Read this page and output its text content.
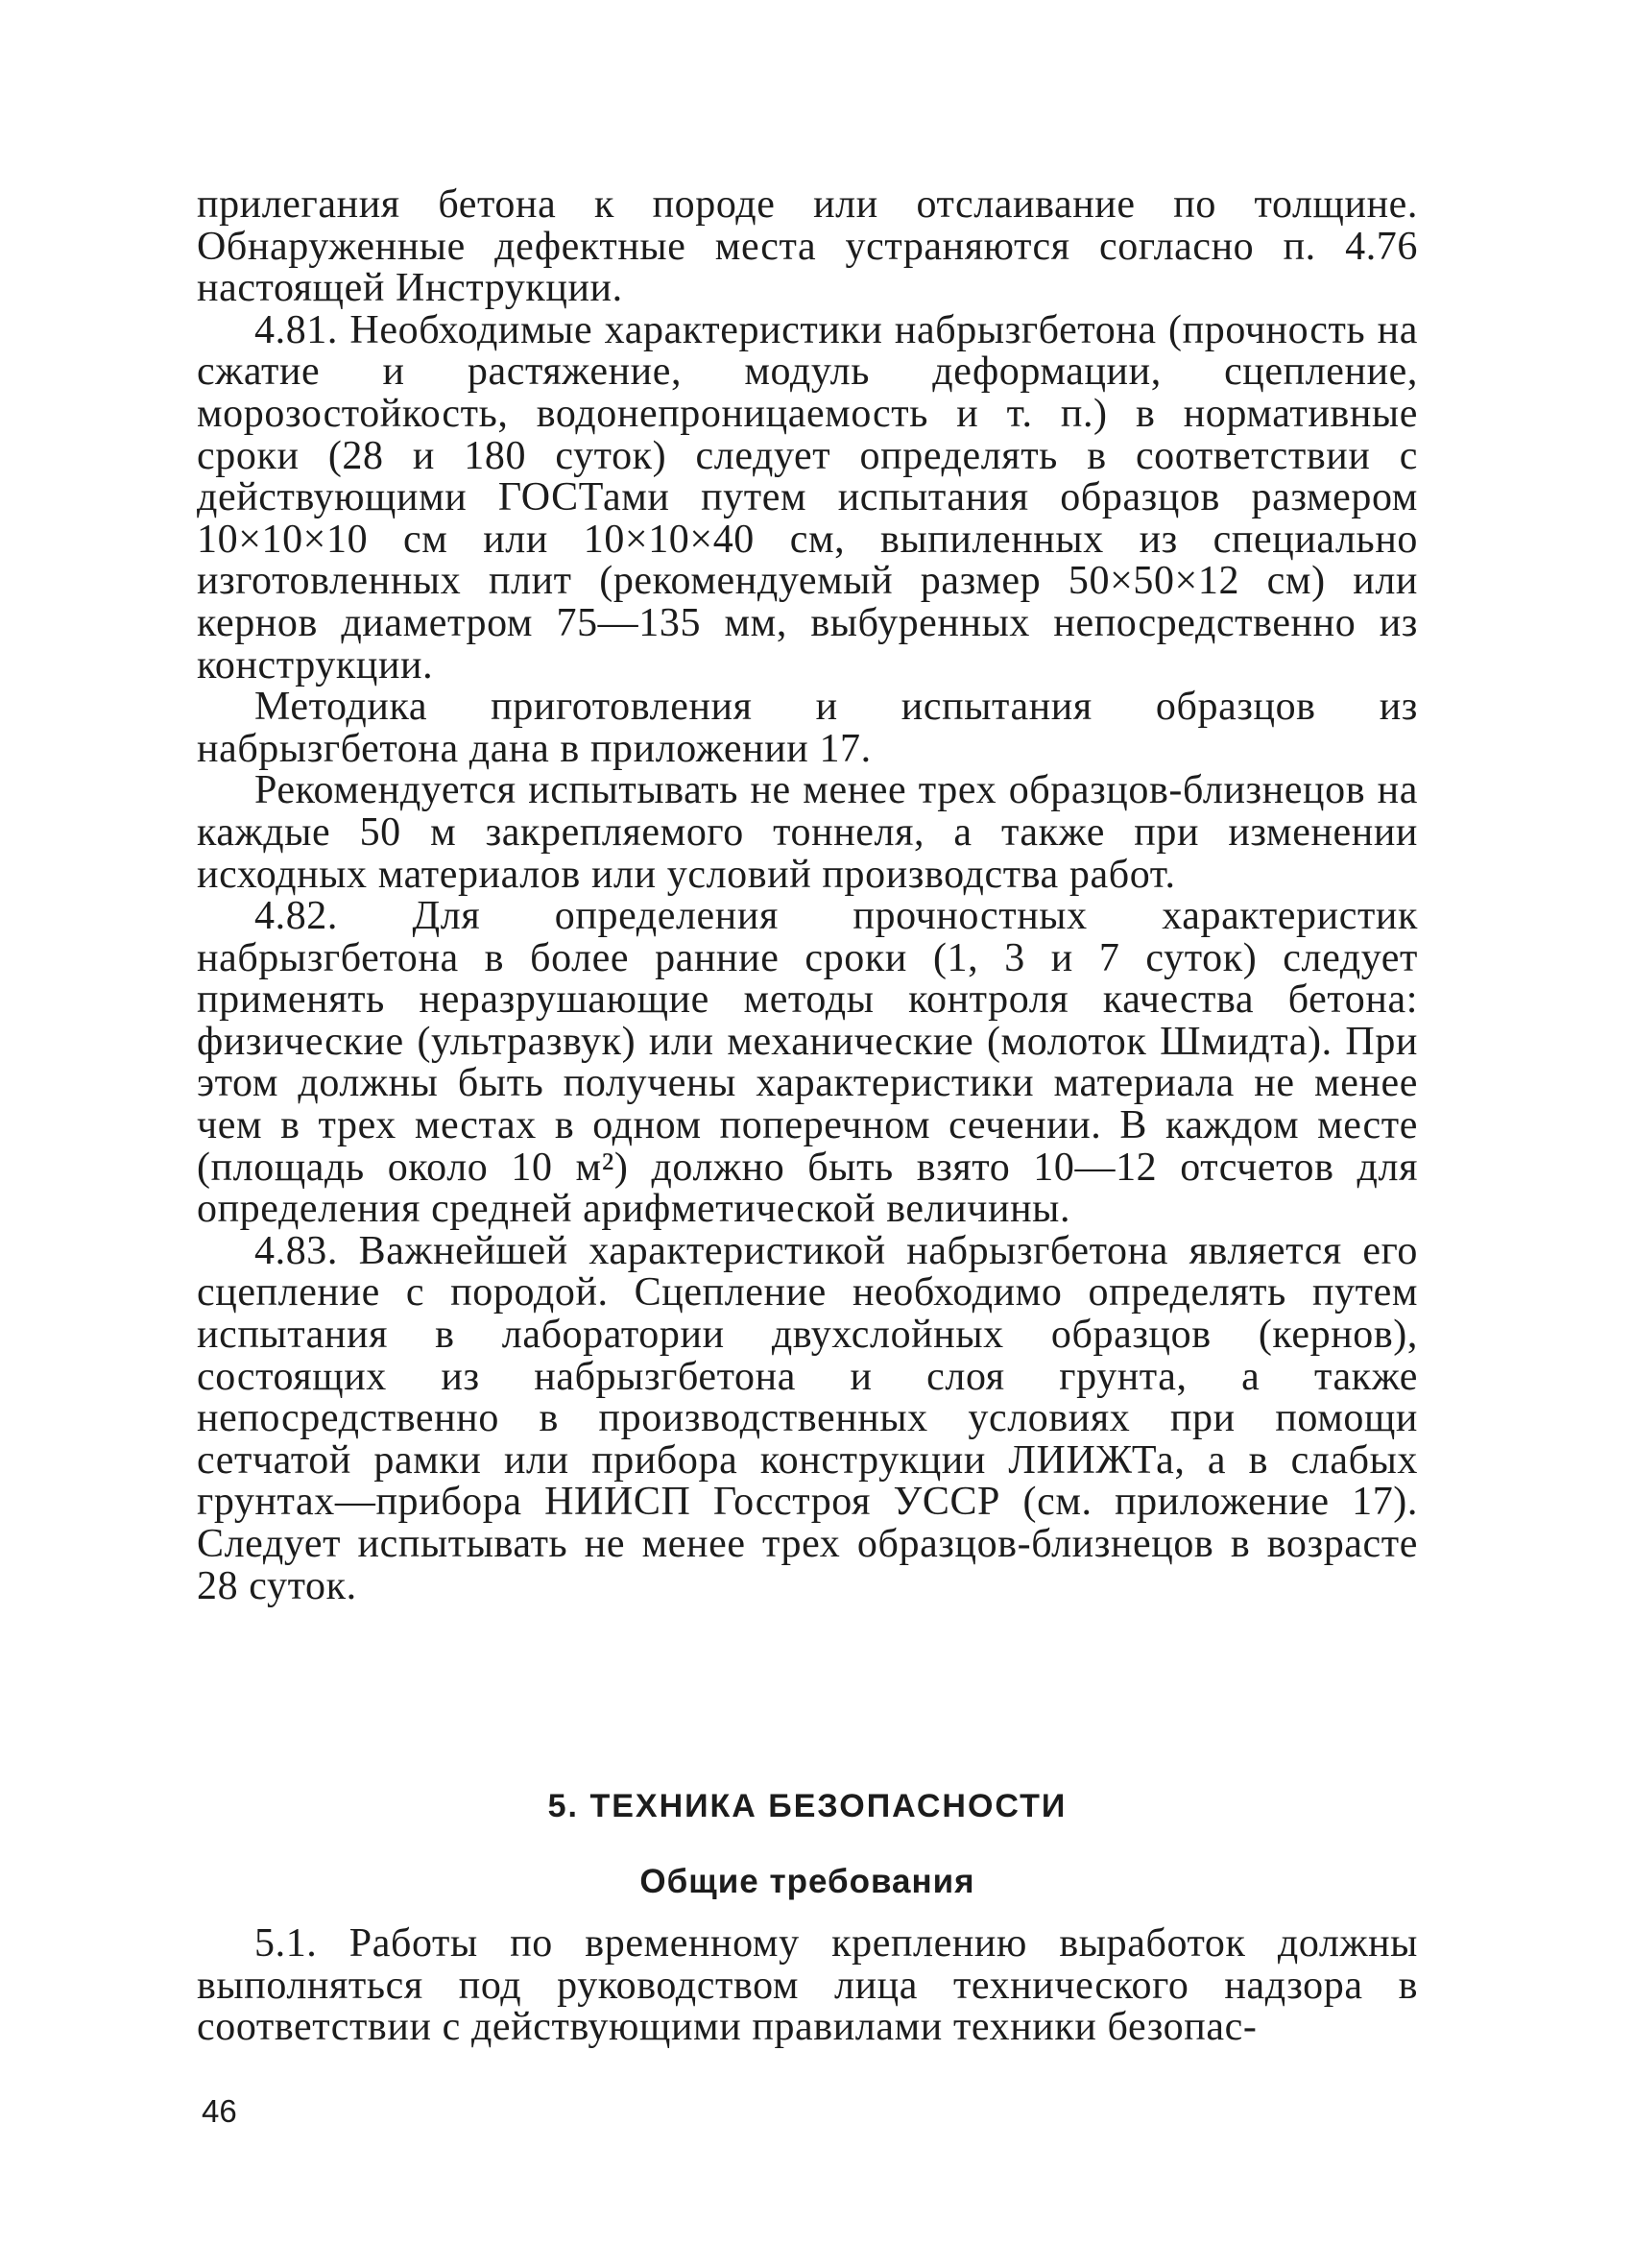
прилегания бетона к породе или отслаивание по толщине. Обнаруженные дефектные места устраняются согласно п. 4.76 настоящей Инструкции.

4.81. Необходимые характеристики набрызгбетона (прочность на сжатие и растяжение, модуль деформации, сцепление, морозостойкость, водонепроницаемость и т. п.) в нормативные сроки (28 и 180 суток) следует определять в соответствии с действующими ГОСТами путем испытания образцов размером 10×10×10 см или 10×10×40 см, выпиленных из специально изготовленных плит (рекомендуемый размер 50×50×12 см) или кернов диаметром 75—135 мм, выбуренных непосредственно из конструкции.

Методика приготовления и испытания образцов из набрызгбетона дана в приложении 17.

Рекомендуется испытывать не менее трех образцов-близнецов на каждые 50 м закрепляемого тоннеля, а также при изменении исходных материалов или условий производства работ.

4.82. Для определения прочностных характеристик набрызгбетона в более ранние сроки (1, 3 и 7 суток) следует применять неразрушающие методы контроля качества бетона: физические (ультразвук) или механические (молоток Шмидта). При этом должны быть получены характеристики материала не менее чем в трех местах в одном поперечном сечении. В каждом месте (площадь около 10 м²) должно быть взято 10—12 отсчетов для определения средней арифметической величины.

4.83. Важнейшей характеристикой набрызгбетона является его сцепление с породой. Сцепление необходимо определять путем испытания в лаборатории двухслойных образцов (кернов), состоящих из набрызгбетона и слоя грунта, а также непосредственно в производственных условиях при помощи сетчатой рамки или прибора конструкции ЛИИЖТа, а в слабых грунтах—прибора НИИСП Госстроя УССР (см. приложение 17). Следует испытывать не менее трех образцов-близнецов в возрасте 28 суток.

5. ТЕХНИКА БЕЗОПАСНОСТИ
Общие требования

5.1. Работы по временному креплению выработок должны выполняться под руководством лица технического надзора в соответствии с действующими правилами техники безопас-

46
